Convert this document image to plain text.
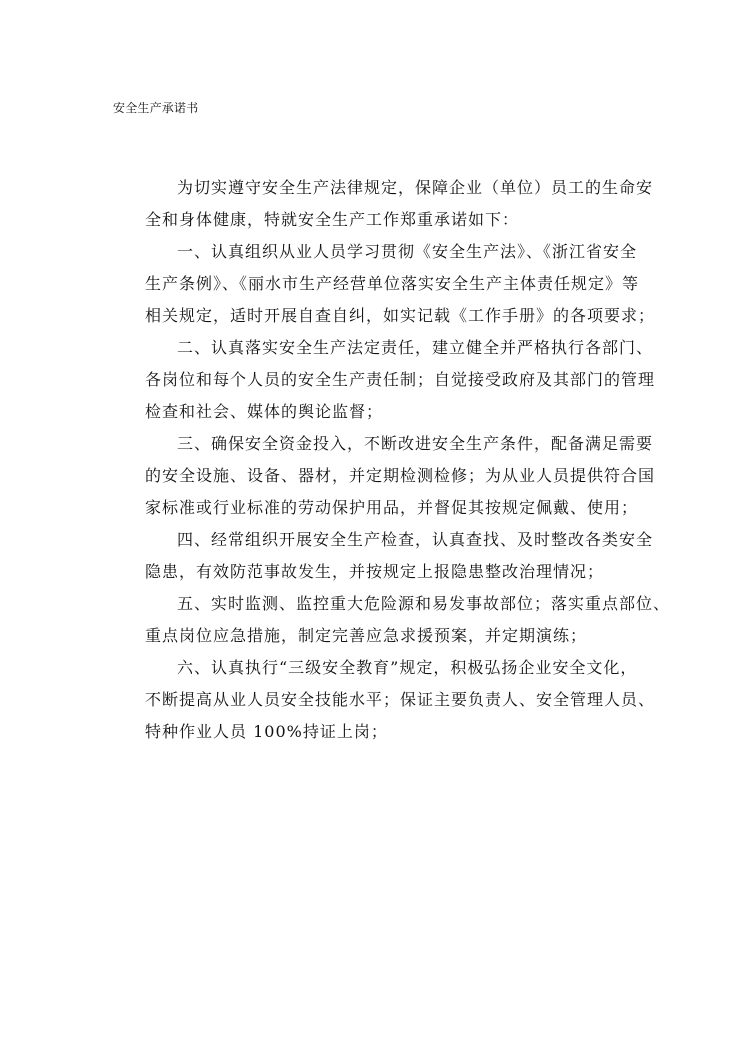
安全生产承诺书
为切实遵守安全生产法律规定，保障企业（单位）员工的生命安
全和身体健康，特就安全生产工作郑重承诺如下：
一、认真组织从业人员学习贯彻《安全生产法》、《浙江省安全
生产条例》、《丽水市生产经营单位落实安全生产主体责任规定》等
相关规定，适时开展自查自纠，如实记载《工作手册》的各项要求；
二、认真落实安全生产法定责任，建立健全并严格执行各部门、
各岗位和每个人员的安全生产责任制；自觉接受政府及其部门的管理
检查和社会、媒体的舆论监督；
三、确保安全资金投入，不断改进安全生产条件，配备满足需要
的安全设施、设备、器材，并定期检测检修；为从业人员提供符合国
家标准或行业标准的劳动保护用品，并督促其按规定佩戴、使用；
四、经常组织开展安全生产检查，认真查找、及时整改各类安全
隐患，有效防范事故发生，并按规定上报隐患整改治理情况；
五、实时监测、监控重大危险源和易发事故部位；落实重点部位、
重点岗位应急措施，制定完善应急求援预案，并定期演练；
六、认真执行“三级安全教育”规定，积极弘扬企业安全文化，
不断提高从业人员安全技能水平；保证主要负责人、安全管理人员、
特种作业人员 100%持证上岗；
